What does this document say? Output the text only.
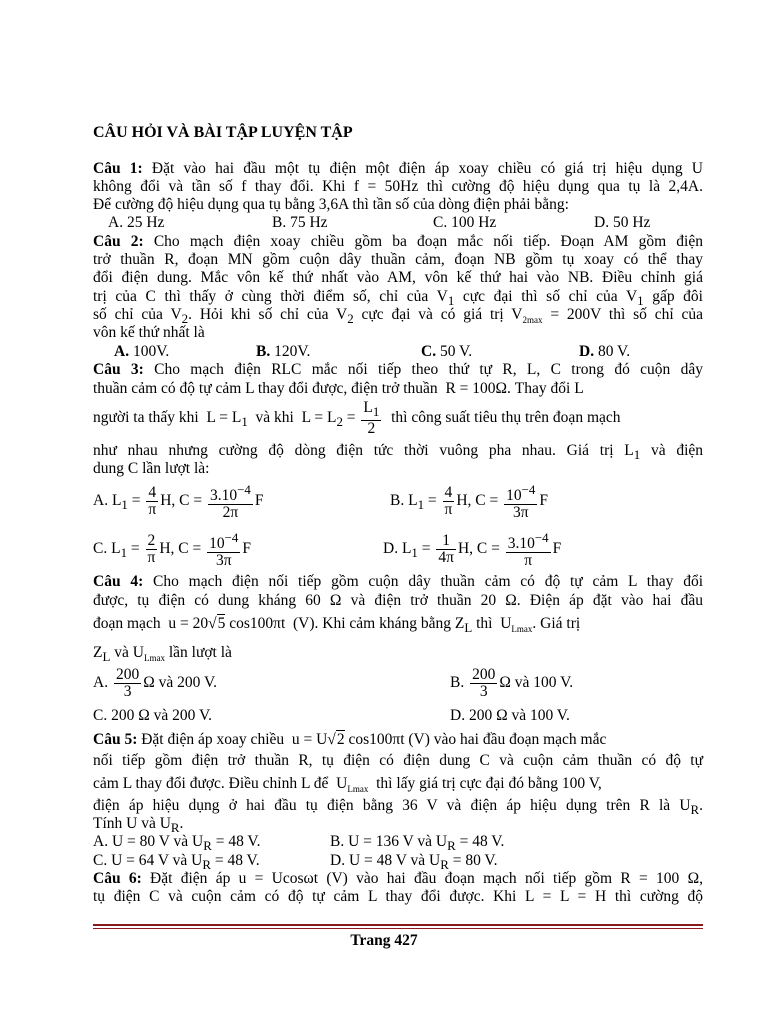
CÂU HỎI VÀ BÀI TẬP LUYỆN TẬP
Câu 1: Đặt vào hai đầu một tụ điện một điện áp xoay chiều có giá trị hiệu dụng U
không đổi và tần số f thay đổi. Khi f = 50Hz thì cường độ hiệu dụng qua tụ là 2,4A.
Để cường độ hiệu dụng qua tụ bằng 3,6A thì tần số của dòng điện phải bằng:
A. 25 Hz	B. 75 Hz	C. 100 Hz	D. 50 Hz
Câu 2: Cho mạch điện xoay chiều gồm ba đoạn mắc nối tiếp. Đoạn AM gồm điện
trở thuần R, đoạn MN gồm cuộn dây thuần cảm, đoạn NB gồm tụ xoay có thể thay
đổi điện dung. Mắc vôn kế thứ nhất vào AM, vôn kế thứ hai vào NB. Điều chỉnh giá
trị của C thì thấy ở cùng thời điểm số, chỉ của $V_1$ cực đại thì số chỉ của $V_1$ gấp đôi
số chỉ của $V_2$. Hỏi khi số chỉ của $V_2$ cực đại và có giá trị $V_{2max} = 200V$ thì số chỉ của
vôn kế thứ nhất là
A. 100V.	B. 120V.	C. 50 V.	D. 80 V.
Câu 3: Cho mạch điện RLC mắc nối tiếp theo thứ tự R, L, C trong đó cuộn dây
thuần cảm có độ tự cảm L thay đổi được, điện trở thuần R = 100Ω. Thay đổi L
người ta thấy khi $L = L_1$ và khi $L = L_2 = \frac{L_1}{2}$ thì công suất tiêu thụ trên đoạn mạch
như nhau nhưng cường độ dòng điện tức thời vuông pha nhau. Giá trị $L_1$ và điện
dung C lần lượt là:
A. $L_1 = \frac{4}{\pi} H$, $C = \frac{3.10^{-4}}{2\pi}$ F	B. $L_1 = \frac{4}{\pi} H$, $C = \frac{10^{-4}}{3\pi}$ F
C. $L_1 = \frac{2}{\pi} H$, $C = \frac{10^{-4}}{3\pi}$ F	D. $L_1 = \frac{1}{4\pi} H$, $C = \frac{3.10^{-4}}{\pi}$ F
Câu 4: Cho mạch điện nối tiếp gồm cuộn dây thuần cảm có độ tự cảm L thay đổi
được, tụ điện có dung kháng 60 Ω và điện trở thuần 20 Ω. Điện áp đặt vào hai đầu
đoạn mạch u = 20√5 cos100πt  (V). Khi cảm kháng bằng $Z_L$ thì  $U_{Lmax}$. Giá trị
$Z_L$ và $U_{Lmax}$ lần lượt là
A. $\frac{200}{3}$ Ω và 200 V.	B. $\frac{200}{3}$ Ω và 100 V.
C. 200 Ω và 200 V.	D. 200 Ω và 100 V.
Câu 5: Đặt điện áp xoay chiều u = U√2 cos100πt (V) vào hai đầu đoạn mạch mắc
nối tiếp gồm điện trở thuần R, tụ điện có điện dung C và cuộn cảm thuần có độ tự
cảm L thay đổi được. Điều chỉnh L để  $U_{Lmax}$ thì lấy giá trị cực đại đó bằng 100 V,
điện áp hiệu dụng ở hai đầu tụ điện bằng 36 V và điện áp hiệu dụng trên R là $U_R$.
Tính U và $U_R$.
A. U = 80 V và $U_R = 48$ V.	B. U = 136 V và $U_R = 48$ V.
C. U = 64 V và $U_R = 48$ V.	D. U = 48 V và $U_R = 80$ V.
Câu 6: Đặt điện áp u = Ucosωt (V) vào hai đầu đoạn mạch nối tiếp gồm R = 100 Ω,
tụ điện C và cuộn cảm có độ tự cảm L thay đổi được. Khi L = L = H thì cường độ
Trang 427
